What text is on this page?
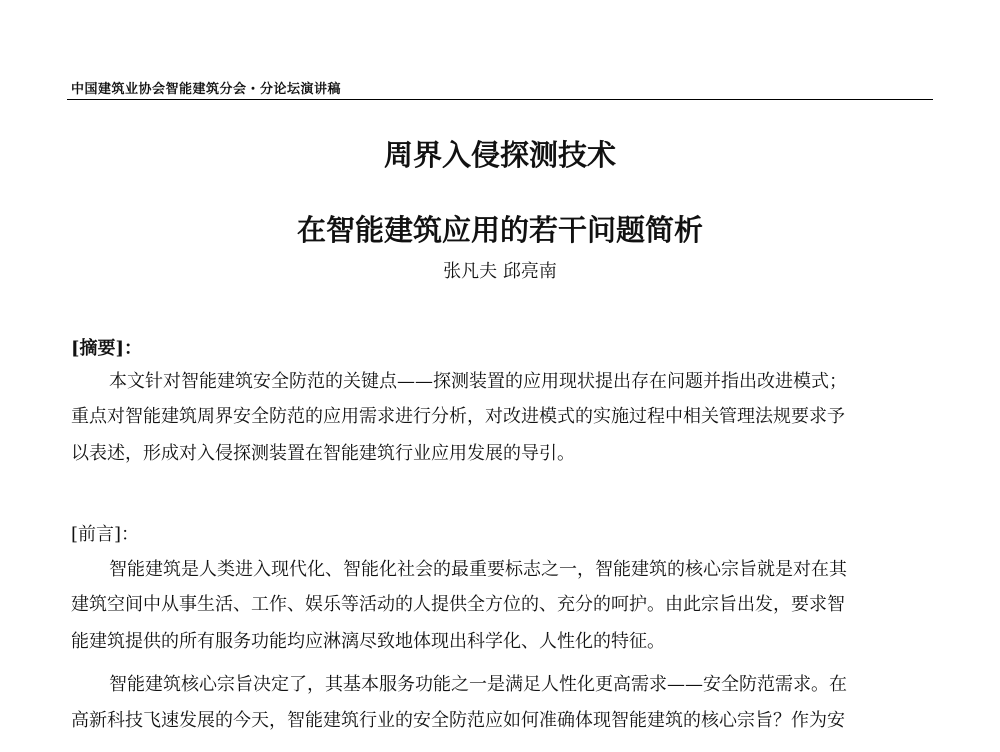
中国建筑业协会智能建筑分会・分论坛演讲稿
周界入侵探测技术
在智能建筑应用的若干问题简析
张凡夫 邱亮南
[摘要]：
本文针对智能建筑安全防范的关键点——探测装置的应用现状提出存在问题并指出改进模式；
重点对智能建筑周界安全防范的应用需求进行分析，对改进模式的实施过程中相关管理法规要求予
以表述，形成对入侵探测装置在智能建筑行业应用发展的导引。
[前言]：
智能建筑是人类进入现代化、智能化社会的最重要标志之一，智能建筑的核心宗旨就是对在其
建筑空间中从事生活、工作、娱乐等活动的人提供全方位的、充分的呵护。由此宗旨出发，要求智
能建筑提供的所有服务功能均应淋漓尽致地体现出科学化、人性化的特征。
智能建筑核心宗旨决定了，其基本服务功能之一是满足人性化更高需求——安全防范需求。在
高新科技飞速发展的今天，智能建筑行业的安全防范应如何准确体现智能建筑的核心宗旨？作为安
